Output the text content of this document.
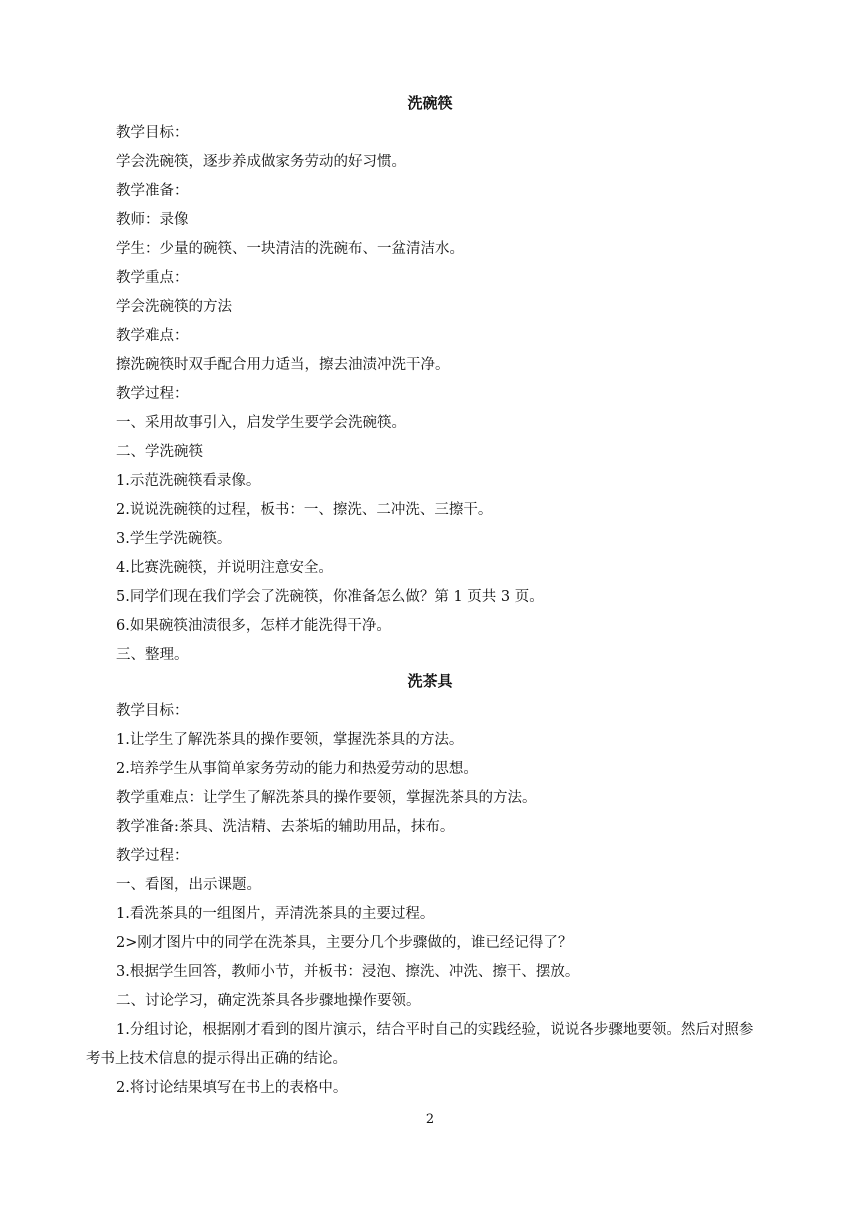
洗碗筷
教学目标：
学会洗碗筷，逐步养成做家务劳动的好习惯。
教学准备：
教师：录像
学生：少量的碗筷、一块清洁的洗碗布、一盆清洁水。
教学重点：
学会洗碗筷的方法
教学难点：
擦洗碗筷时双手配合用力适当，擦去油渍冲洗干净。
教学过程：
一、采用故事引入，启发学生要学会洗碗筷。
二、学洗碗筷
1.示范洗碗筷看录像。
2.说说洗碗筷的过程，板书：一、擦洗、二冲洗、三擦干。
3.学生学洗碗筷。
4.比赛洗碗筷，并说明注意安全。
5.同学们现在我们学会了洗碗筷，你准备怎么做？第 1 页共 3 页。
6.如果碗筷油渍很多，怎样才能洗得干净。
三、整理。
洗茶具
教学目标：
1.让学生了解洗茶具的操作要领，掌握洗茶具的方法。
2.培养学生从事简单家务劳动的能力和热爱劳动的思想。
教学重难点：让学生了解洗茶具的操作要领，掌握洗茶具的方法。
教学准备:茶具、洗洁精、去茶垢的辅助用品，抹布。
教学过程：
一、看图，出示课题。
1.看洗茶具的一组图片，弄清洗茶具的主要过程。
2>刚才图片中的同学在洗茶具，主要分几个步骤做的，谁已经记得了？
3.根据学生回答，教师小节，并板书：浸泡、擦洗、冲洗、擦干、摆放。
二、讨论学习，确定洗茶具各步骤地操作要领。
1.分组讨论，根据刚才看到的图片演示，结合平时自己的实践经验，说说各步骤地要领。然后对照参
考书上技术信息的提示得出正确的结论。
2.将讨论结果填写在书上的表格中。
2
